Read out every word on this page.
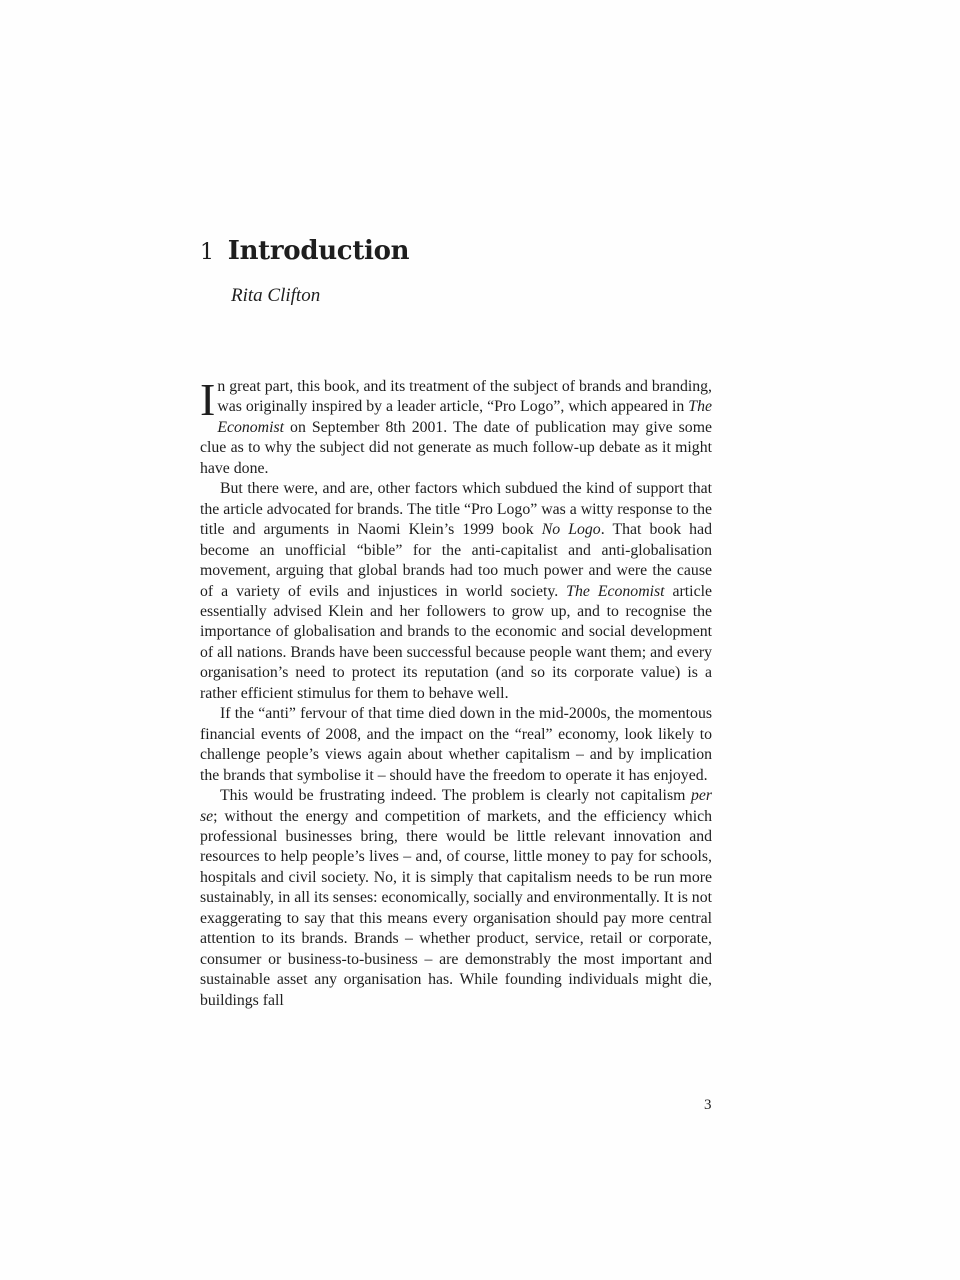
1 Introduction

Rita Clifton

In great part, this book, and its treatment of the subject of brands and branding, was originally inspired by a leader article, “Pro Logo”, which appeared in The Economist on September 8th 2001. The date of publication may give some clue as to why the subject did not generate as much follow-up debate as it might have done.

But there were, and are, other factors which subdued the kind of support that the article advocated for brands. The title “Pro Logo” was a witty response to the title and arguments in Naomi Klein’s 1999 book No Logo. That book had become an unofficial “bible” for the anti-capitalist and anti-globalisation movement, arguing that global brands had too much power and were the cause of a variety of evils and injustices in world society. The Economist article essentially advised Klein and her followers to grow up, and to recognise the importance of globalisation and brands to the economic and social development of all nations. Brands have been successful because people want them; and every organisation’s need to protect its reputation (and so its corporate value) is a rather efficient stimulus for them to behave well.

If the “anti” fervour of that time died down in the mid-2000s, the momentous financial events of 2008, and the impact on the “real” economy, look likely to challenge people’s views again about whether capitalism – and by implication the brands that symbolise it – should have the freedom to operate it has enjoyed.

This would be frustrating indeed. The problem is clearly not capitalism per se; without the energy and competition of markets, and the efficiency which professional businesses bring, there would be little relevant innovation and resources to help people’s lives – and, of course, little money to pay for schools, hospitals and civil society. No, it is simply that capitalism needs to be run more sustainably, in all its senses: economically, socially and environmentally. It is not exaggerating to say that this means every organisation should pay more central attention to its brands. Brands – whether product, service, retail or corporate, consumer or business-to-business – are demonstrably the most important and sustainable asset any organisation has. While founding individuals might die, buildings fall

3
